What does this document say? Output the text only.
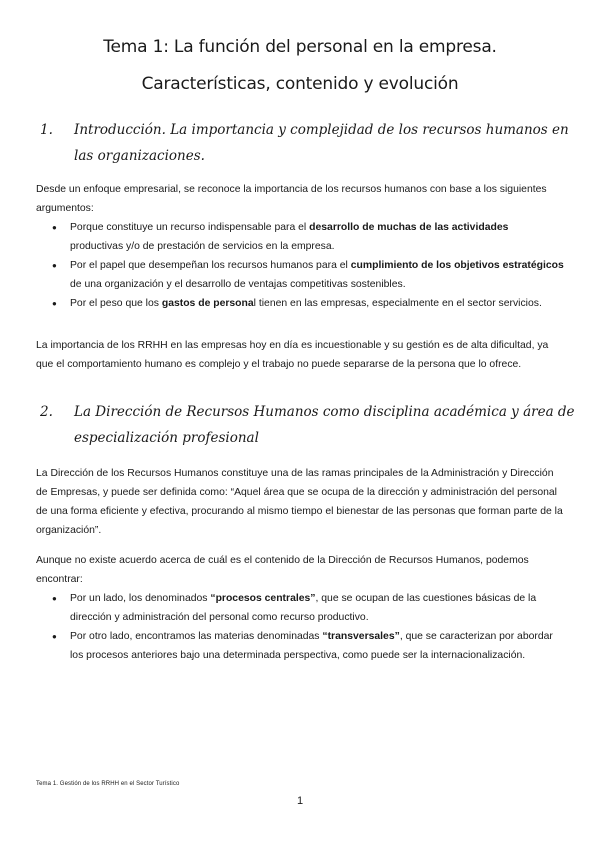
Tema 1: La función del personal en la empresa.
Características, contenido y evolución
1. Introducción. La importancia y complejidad de los recursos humanos en las organizaciones.
Desde un enfoque empresarial, se reconoce la importancia de los recursos humanos con base a los siguientes argumentos:
● Porque constituye un recurso indispensable para el desarrollo de muchas de las actividades productivas y/o de prestación de servicios en la empresa.
● Por el papel que desempeñan los recursos humanos para el cumplimiento de los objetivos estratégicos de una organización y el desarrollo de ventajas competitivas sostenibles.
● Por el peso que los gastos de personal tienen en las empresas, especialmente en el sector servicios.
La importancia de los RRHH en las empresas hoy en día es incuestionable y su gestión es de alta dificultad, ya que el comportamiento humano es complejo y el trabajo no puede separarse de la persona que lo ofrece.
2. La Dirección de Recursos Humanos como disciplina académica y área de especialización profesional
La Dirección de los Recursos Humanos constituye una de las ramas principales de la Administración y Dirección de Empresas, y puede ser definida como: “Aquel área que se ocupa de la dirección y administración del personal de una forma eficiente y efectiva, procurando al mismo tiempo el bienestar de las personas que forman parte de la organización”.
Aunque no existe acuerdo acerca de cuál es el contenido de la Dirección de Recursos Humanos, podemos encontrar:
● Por un lado, los denominados “procesos centrales”, que se ocupan de las cuestiones básicas de la dirección y administración del personal como recurso productivo.
● Por otro lado, encontramos las materias denominadas “transversales”, que se caracterizan por abordar los procesos anteriores bajo una determinada perspectiva, como puede ser la internacionalización.
Tema 1. Gestión de los RRHH en el Sector Turístico
1
